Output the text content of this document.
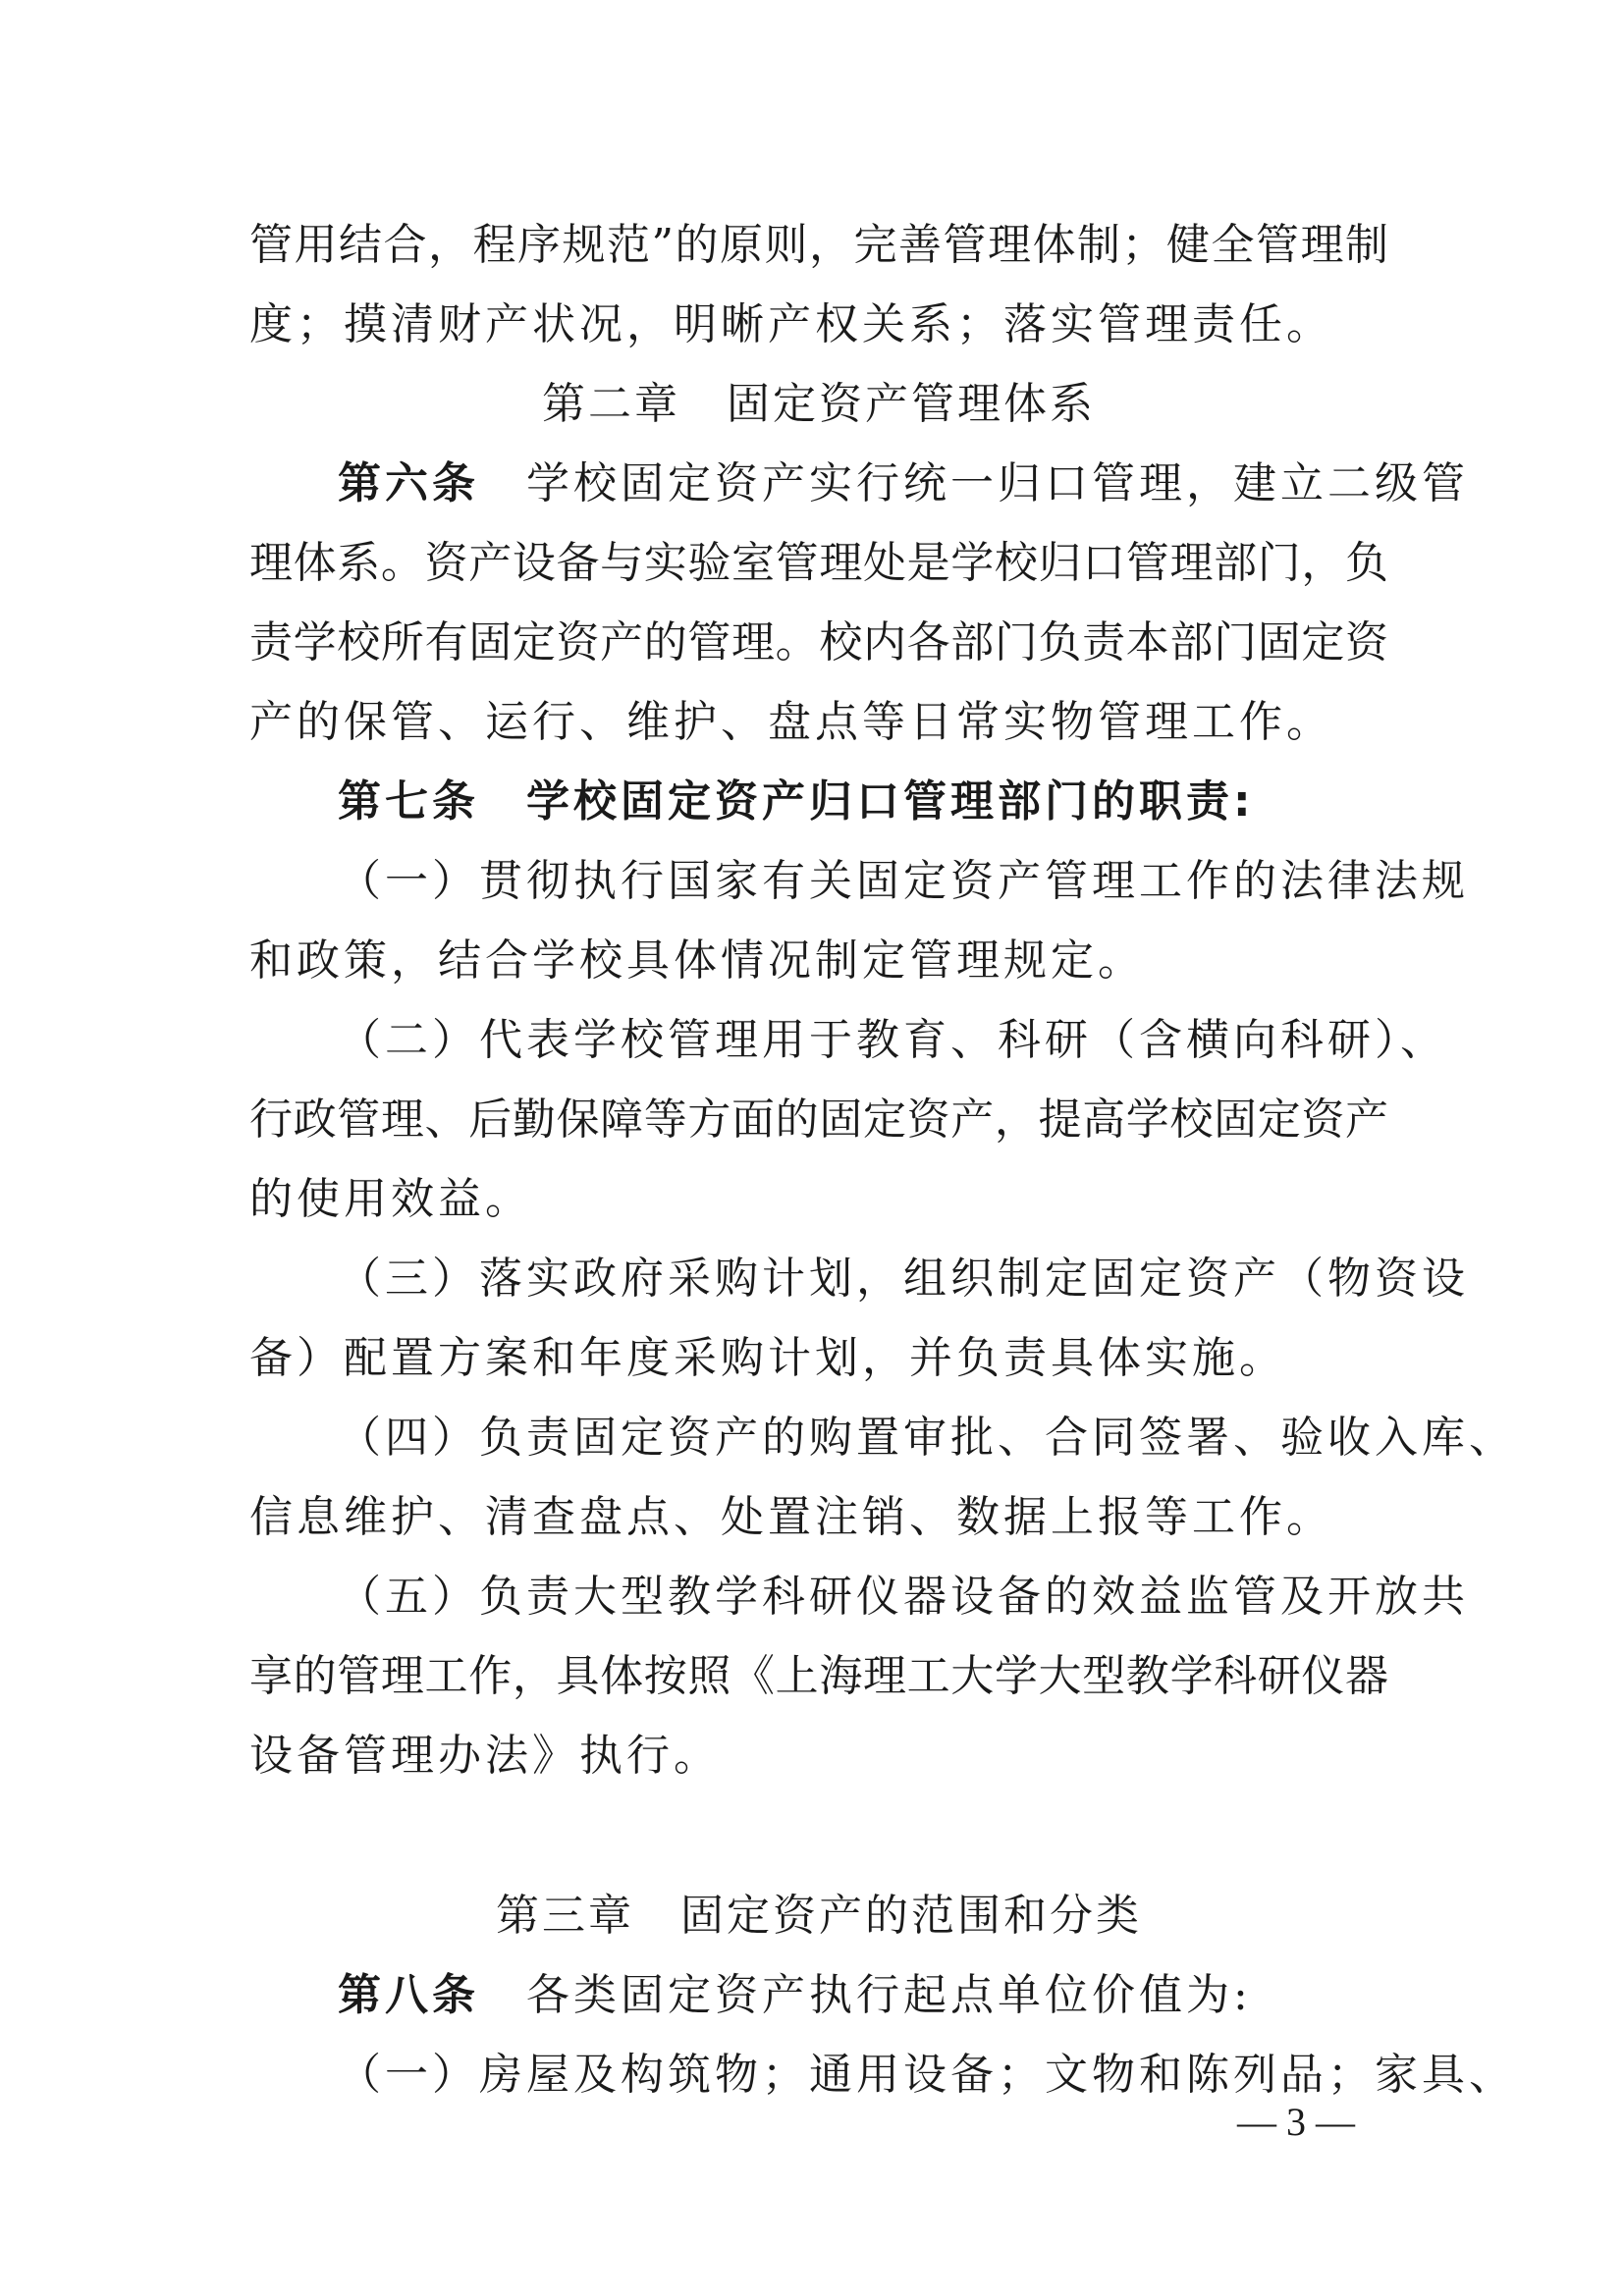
管用结合，程序规范”的原则，完善管理体制；健全管理制
度；摸清财产状况，明晰产权关系；落实管理责任。
第二章　固定资产管理体系
第六条　学校固定资产实行统一归口管理，建立二级管
理体系。资产设备与实验室管理处是学校归口管理部门，负
责学校所有固定资产的管理。校内各部门负责本部门固定资
产的保管、运行、维护、盘点等日常实物管理工作。
第七条　学校固定资产归口管理部门的职责:
（一）贯彻执行国家有关固定资产管理工作的法律法规
和政策，结合学校具体情况制定管理规定。
（二）代表学校管理用于教育、科研（含横向科研）、
行政管理、后勤保障等方面的固定资产，提高学校固定资产
的使用效益。
（三）落实政府采购计划，组织制定固定资产（物资设
备）配置方案和年度采购计划，并负责具体实施。
（四）负责固定资产的购置审批、合同签署、验收入库、
信息维护、清查盘点、处置注销、数据上报等工作。
（五）负责大型教学科研仪器设备的效益监管及开放共
享的管理工作，具体按照《上海理工大学大型教学科研仪器
设备管理办法》执行。
第三章　固定资产的范围和分类
第八条　各类固定资产执行起点单位价值为:
（一）房屋及构筑物；通用设备；文物和陈列品；家具、
— 3 —
